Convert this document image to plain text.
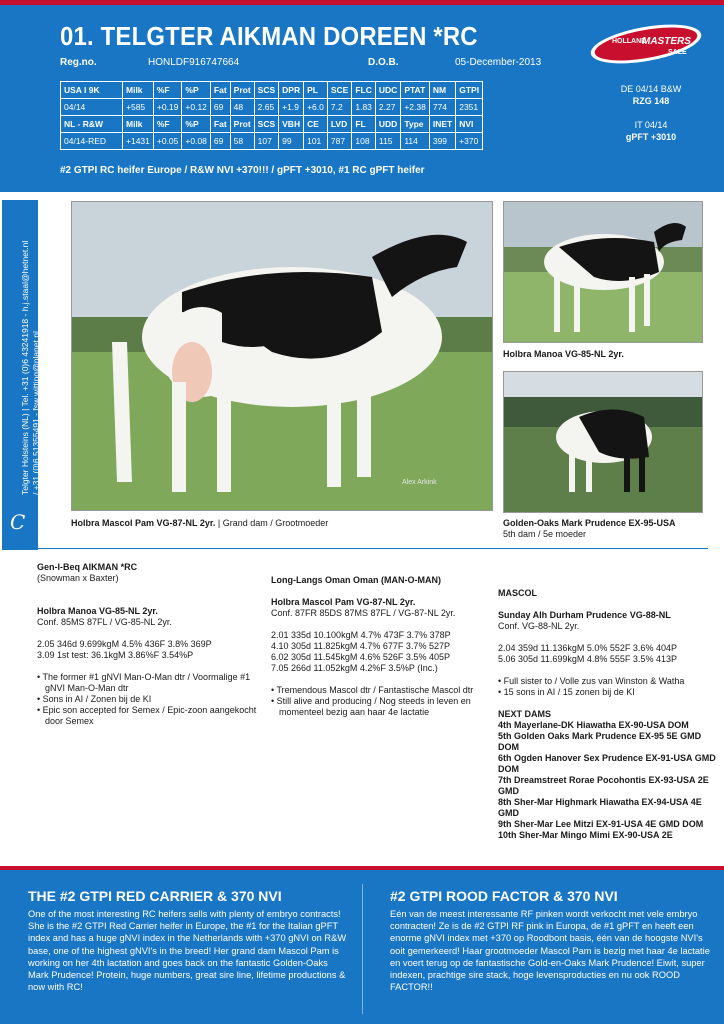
01. TELGTER AIKMAN DOREEN *RC
Reg.no.	HONLDF916747664	D.O.B.	05-December-2013
HOLLAND
MASTERS
SALE
USA I 9K	Milk	%F	%P	Fat	Prot	SCS	DPR	PL	SCE	FLC	UDC	PTAT	NM	GTPI
04/14	+585	+0.19	+0.12	69	48	2.65	+1.9	+6.0	7.2	1.83	2.27	+2.38	774	2351
NL - R&W	Milk	%F	%P	Fat	Prot	SCS	VBH	CE	LVD	FL	UDD	Type	INET	NVI
04/14-RED	+1431	+0.05	+0.08	69	58	107	99	101	787	108	115	114	399	+370
DE 04/14 B&W
RZG 148
IT 04/14
gPFT +3010
#2 GTPI RC heifer Europe / R&W NVI +370!!! / gPFT +3010, #1 RC gPFT heifer
Telgter Holsteins (NL) | Tel. +31 (0)6 43241918 - h.j.staal@hetnet.nl / +31 (0)6 51355491 - fsw.witting@planet.nl
C
Alex Arkink
Holbra Mascol Pam VG-87-NL 2yr. | Grand dam / Grootmoeder
Holbra Manoa VG-85-NL 2yr.
Golden-Oaks Mark Prudence EX-95-USA
5th dam / 5e moeder
Gen-I-Beq AIKMAN *RC
(Snowman x Baxter)
Holbra Manoa VG-85-NL 2yr.
Conf. 85MS 87FL / VG-85-NL 2yr.
2.05 346d 9.699kgM 4.5% 436F 3.8% 369P
3.09 1st test: 36.1kgM 3.86%F 3.54%P
• The former #1 gNVI Man-O-Man dtr / Voormalige #1 gNVI Man-O-Man dtr
• Sons in AI / Zonen bij de KI
• Epic son accepted for Semex / Epic-zoon aangekocht door Semex
Long-Langs Oman Oman (MAN-O-MAN)
Holbra Mascol Pam VG-87-NL 2yr.
Conf. 87FR 85DS 87MS 87FL / VG-87-NL 2yr.
2.01 335d 10.100kgM 4.7% 473F 3.7% 378P
4.10 305d 11.825kgM 4.7% 677F 3.7% 527P
6.02 305d 11.545kgM 4.6% 526F 3.5% 405P
7.05 266d 11.052kgM 4.2%F 3.5%P (Inc.)
• Tremendous Mascol dtr / Fantastische Mascol dtr
• Still alive and producing / Nog steeds in leven en momenteel bezig aan haar 4e lactatie
MASCOL
Sunday Alh Durham Prudence VG-88-NL
Conf. VG-88-NL 2yr.
2.04 359d 11.136kgM 5.0% 552F 3.6% 404P
5.06 305d 11.699kgM 4.8% 555F 3.5% 413P
• Full sister to / Volle zus van Winston & Watha
• 15 sons in AI / 15 zonen bij de KI
NEXT DAMS
4th Mayerlane-DK Hiawatha EX-90-USA DOM
5th Golden Oaks Mark Prudence EX-95 5E GMD DOM
6th Ogden Hanover Sex Prudence EX-91-USA GMD DOM
7th Dreamstreet Rorae Pocohontis EX-93-USA 2E GMD
8th Sher-Mar Highmark Hiawatha EX-94-USA 4E GMD
9th Sher-Mar Lee Mitzi EX-91-USA 4E GMD DOM
10th Sher-Mar Mingo Mimi EX-90-USA 2E
THE #2 GTPI RED CARRIER & 370 NVI
One of the most interesting RC heifers sells with plenty of embryo contracts! She is the #2 GTPI Red Carrier heifer in Europe, the #1 for the Italian gPFT index and has a huge gNVI index in the Netherlands with +370 gNVI on R&W base, one of the highest gNVI's in the breed! Her grand dam Mascol Pam is working on her 4th lactation and goes back on the fantastic Golden-Oaks Mark Prudence! Protein, huge numbers, great sire line, lifetime productions & now with RC!
#2 GTPI ROOD FACTOR & 370 NVI
Eén van de meest interessante RF pinken wordt verkocht met vele embryo contracten! Ze is de #2 GTPI RF pink in Europa, de #1 gPFT en heeft een enorme gNVI index met +370 op Roodbont basis, één van de hoogste NVI's ooit gemerkeerd! Haar grootmoeder Mascol Pam is bezig met haar 4e lactatie en voert terug op de fantastische Gold-en-Oaks Mark Prudence! Eiwit, super indexen, prachtige sire stack, hoge levensproducties en nu ook ROOD FACTOR!!
